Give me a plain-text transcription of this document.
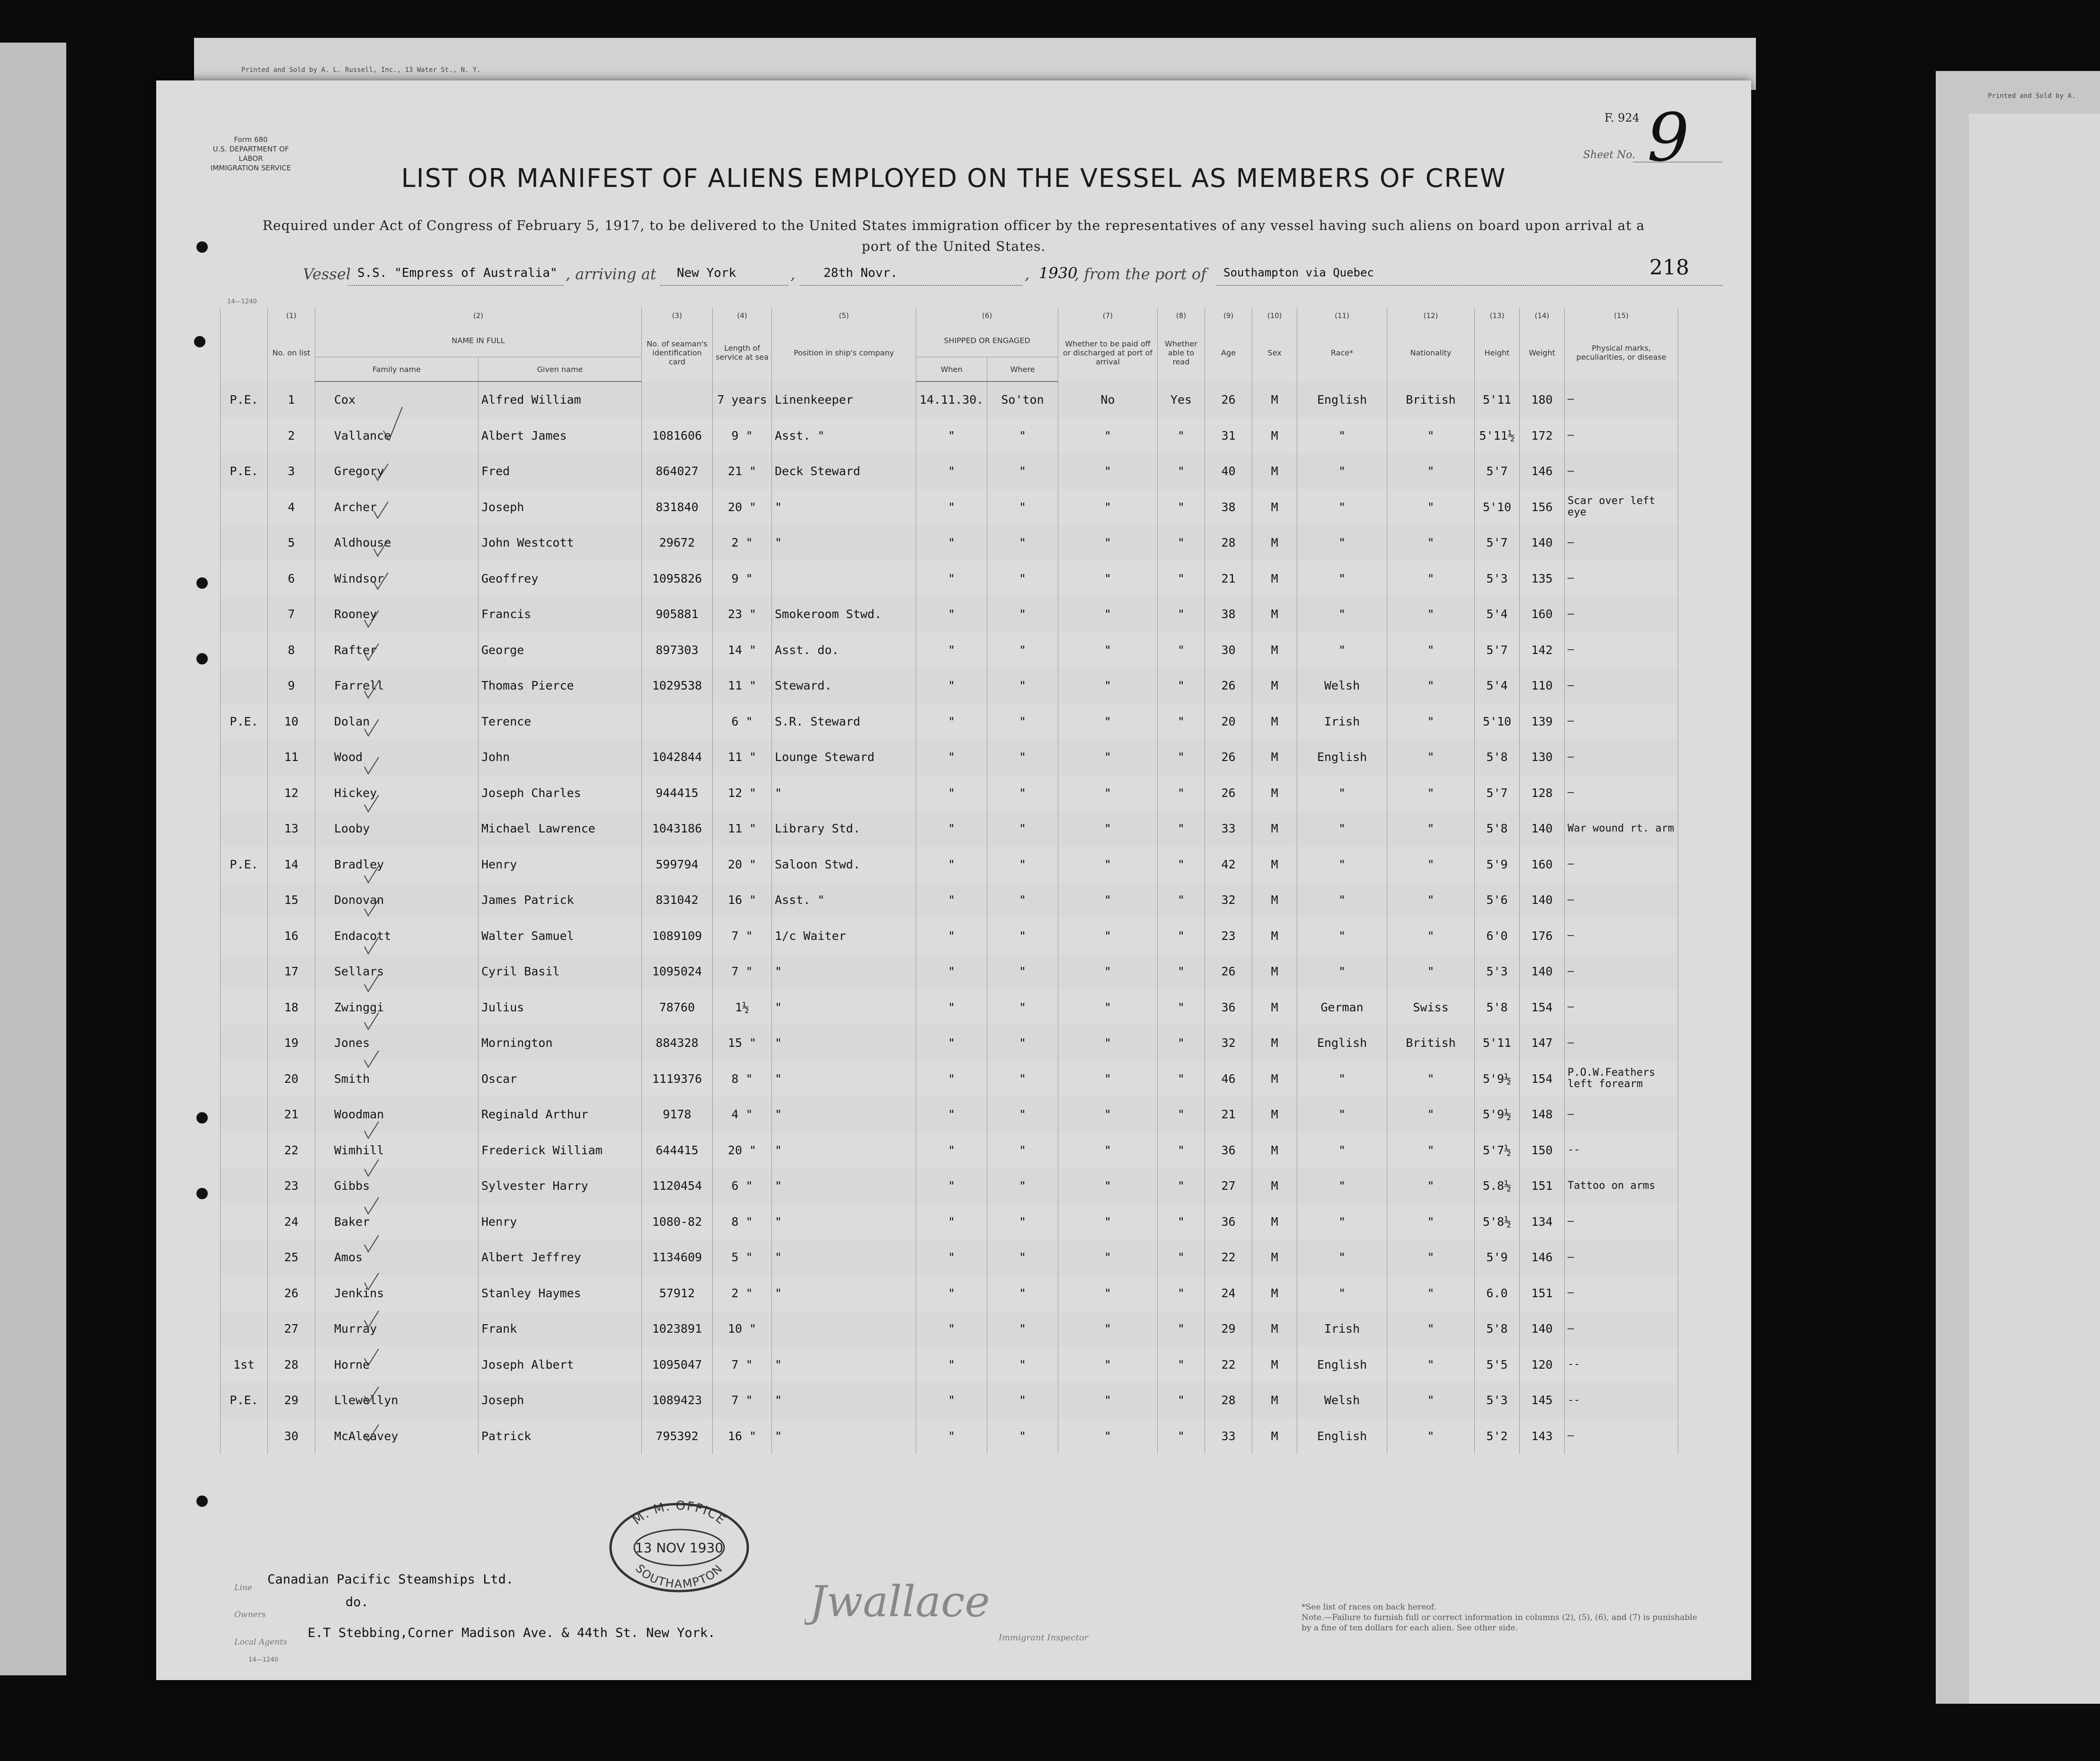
Printed and Sold by A.
Printed and Sold by A. L. Russell, Inc., 13 Water St., N. Y.
Form 680
U.S. DEPARTMENT OF LABOR
IMMIGRATION SERVICE
F. 924
Sheet No. 9
LIST OR MANIFEST OF ALIENS EMPLOYED ON THE VESSEL AS MEMBERS OF CREW
Required under Act of Congress of February 5, 1917, to be delivered to the United States immigration officer by the representatives of any vessel having such aliens on board upon arrival at a port of the United States.
Vessel S.S. "Empress of Australia" , arriving at New York	, 28th Novr.	, 1930
, from the port of Southampton via Quebec	218
14—1240
	(1)	(2)		(3)	(4)	(5)	(6)		(7)	(8)	(9)	(10)	(11)	(12)	(13)	(14)	(15)
	No. on list	NAME IN FULL		No. of seaman's identification card	Length of service at sea	Position in ship's company	SHIPPED OR ENGAGED		Whether to be paid off or discharged at port of arrival	Whether able to read	Age	Sex	Race*	Nationality	Height	Weight	Physical marks, peculiarities, or disease
		Family name	Given name				When	Where									
P.E.	1	Cox	Alfred William		7 years	Linenkeeper	14.11.30.	So'ton	No	Yes	26	M	English	British	5'11	180	—
	2	Vallance	Albert James	1081606	9 "	Asst. "	"	"	"	"	31	M	"	"	5'11½	172	—
P.E.	3	Gregory	Fred	864027	21 "	Deck Steward	"	"	"	"	40	M	"	"	5'7	146	—
	4	Archer	Joseph	831840	20 "	"	"	"	"	"	38	M	"	"	5'10	156	Scar over left eye
	5	Aldhouse	John Westcott	29672	2 "	"	"	"	"	"	28	M	"	"	5'7	140	—
	6	Windsor	Geoffrey	1095826	9 "		"	"	"	"	21	M	"	"	5'3	135	—
	7	Rooney	Francis	905881	23 "	Smokeroom Stwd.	"	"	"	"	38	M	"	"	5'4	160	—
	8	Rafter	George	897303	14 "	Asst. do.	"	"	"	"	30	M	"	"	5'7	142	—
	9	Farrell	Thomas Pierce	1029538	11 "	Steward.	"	"	"	"	26	M	Welsh	"	5'4	110	—
P.E.	10	Dolan	Terence		6 "	S.R. Steward	"	"	"	"	20	M	Irish	"	5'10	139	—
	11	Wood	John	1042844	11 "	Lounge Steward	"	"	"	"	26	M	English	"	5'8	130	—
	12	Hickey	Joseph Charles	944415	12 "	"	"	"	"	"	26	M	"	"	5'7	128	—
	13	Looby	Michael Lawrence	1043186	11 "	Library Std.	"	"	"	"	33	M	"	"	5'8	140	War wound rt. arm
P.E.	14	Bradley	Henry	599794	20 "	Saloon Stwd.	"	"	"	"	42	M	"	"	5'9	160	—
	15	Donovan	James Patrick	831042	16 "	Asst. "	"	"	"	"	32	M	"	"	5'6	140	—
	16	Endacott	Walter Samuel	1089109	7 "	1/c Waiter	"	"	"	"	23	M	"	"	6'0	176	—
	17	Sellars	Cyril Basil	1095024	7 "	"	"	"	"	"	26	M	"	"	5'3	140	—
	18	Zwinggi	Julius	78760	1½	"	"	"	"	"	36	M	German	Swiss	5'8	154	—
	19	Jones	Mornington	884328	15 "	"	"	"	"	"	32	M	English	British	5'11	147	—
	20	Smith	Oscar	1119376	8 "	"	"	"	"	"	46	M	"	"	5'9½	154	P.O.W.Feathers left forearm
	21	Woodman	Reginald Arthur	9178	4 "	"	"	"	"	"	21	M	"	"	5'9½	148	—
	22	Wimhill	Frederick William	644415	20 "	"	"	"	"	"	36	M	"	"	5'7½	150	--
	23	Gibbs	Sylvester Harry	1120454	6 "	"	"	"	"	"	27	M	"	"	5.8½	151	Tattoo on arms
	24	Baker	Henry	1080-82	8 "	"	"	"	"	"	36	M	"	"	5'8½	134	—
	25	Amos	Albert Jeffrey	1134609	5 "	"	"	"	"	"	22	M	"	"	5'9	146	—
	26	Jenkins	Stanley Haymes	57912	2 "	"	"	"	"	"	24	M	"	"	6.0	151	—
	27	Murray	Frank	1023891	10 "		"	"	"	"	29	M	Irish	"	5'8	140	—
1st	28	Horne	Joseph Albert	1095047	7 "	"	"	"	"	"	22	M	English	"	5'5	120	--
P.E.	29	Llewellyn	Joseph	1089423	7 "	"	"	"	"	"	28	M	Welsh	"	5'3	145	--
	30	McAleavey	Patrick	795392	16 "	"	"	"	"	"	33	M	English	"	5'2	143	—
Line
Canadian Pacific Steamships Ltd.
Owners
do.
Local Agents
E.T Stebbing,Corner Madison Ave. & 44th St. New York.
14—1240
M. M. OFFICE
13 NOV 1930
SOUTHAMPTON
Jwallace
Immigrant Inspector
*See list of races on back hereof.
Note.—Failure to furnish full or correct information in columns (2), (5), (6), and (7) is punishable by a fine of ten dollars for each alien. See other side.
